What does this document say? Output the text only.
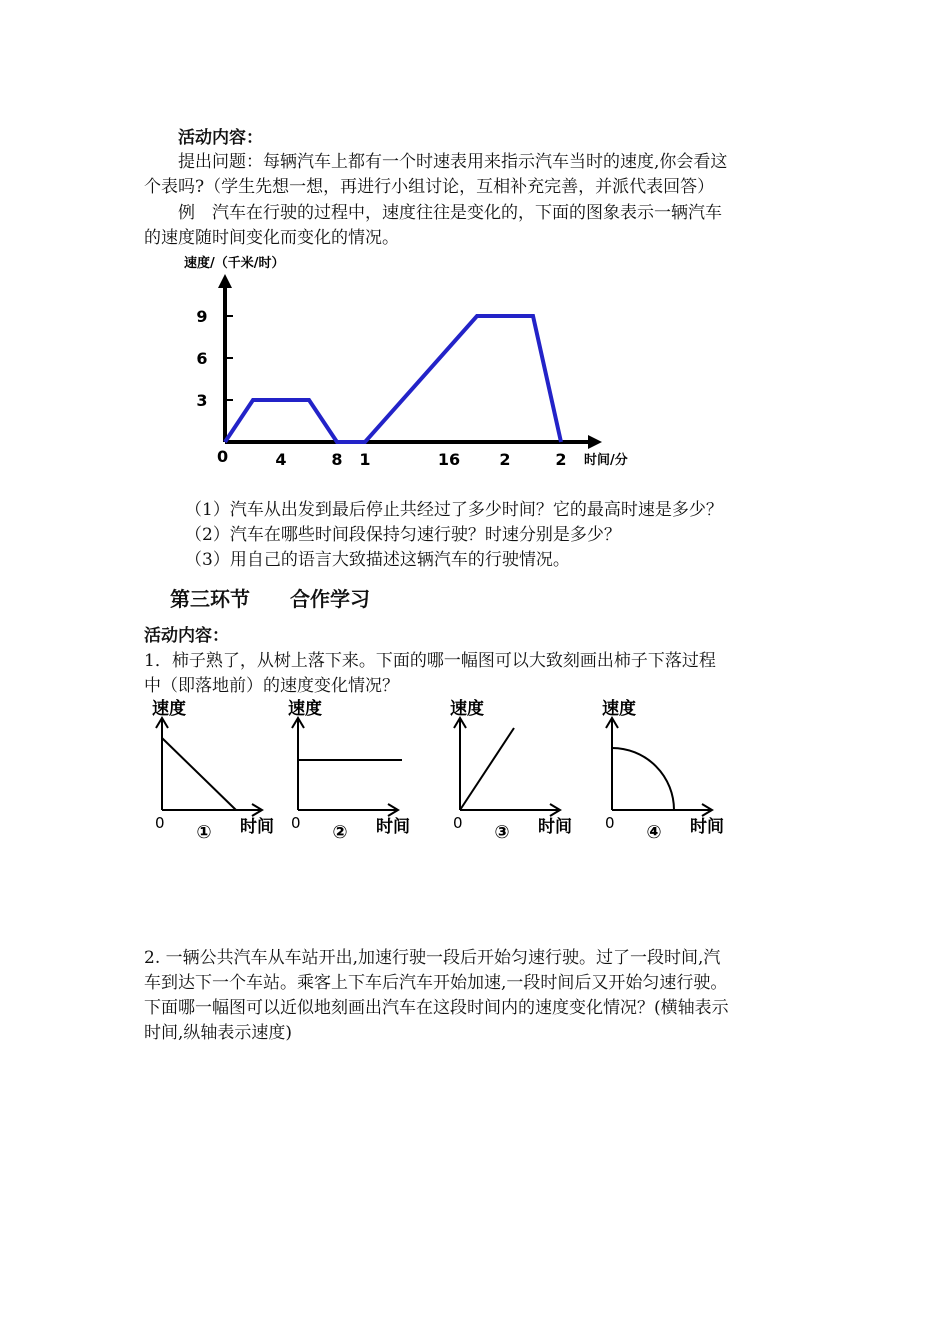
活动内容：
提出问题：每辆汽车上都有一个时速表用来指示汽车当时的速度,你会看这
个表吗?（学生先想一想，再进行小组讨论，互相补充完善，并派代表回答）
例　汽车在行驶的过程中，速度往往是变化的，下面的图象表示一辆汽车
的速度随时间变化而变化的情况。
速度/（千米/时）
时间/分
0	4	8 1	16 2	2
3
6
9
（1）汽车从出发到最后停止共经过了多少时间？它的最高时速是多少？
（2）汽车在哪些时间段保持匀速行驶？时速分别是多少？
（3）用自己的语言大致描述这辆汽车的行驶情况。
第三环节　　合作学习
活动内容：
1．柿子熟了，从树上落下来。下面的哪一幅图可以大致刻画出柿子下落过程
中（即落地前）的速度变化情况？
速度
0 ① 时间
速度
0 ② 时间
速度
0 ③ 时间
速度
0 ④ 时间
2. 一辆公共汽车从车站开出,加速行驶一段后开始匀速行驶。过了一段时间,汽
车到达下一个车站。乘客上下车后汽车开始加速,一段时间后又开始匀速行驶。
下面哪一幅图可以近似地刻画出汽车在这段时间内的速度变化情况？(横轴表示
时间,纵轴表示速度)
